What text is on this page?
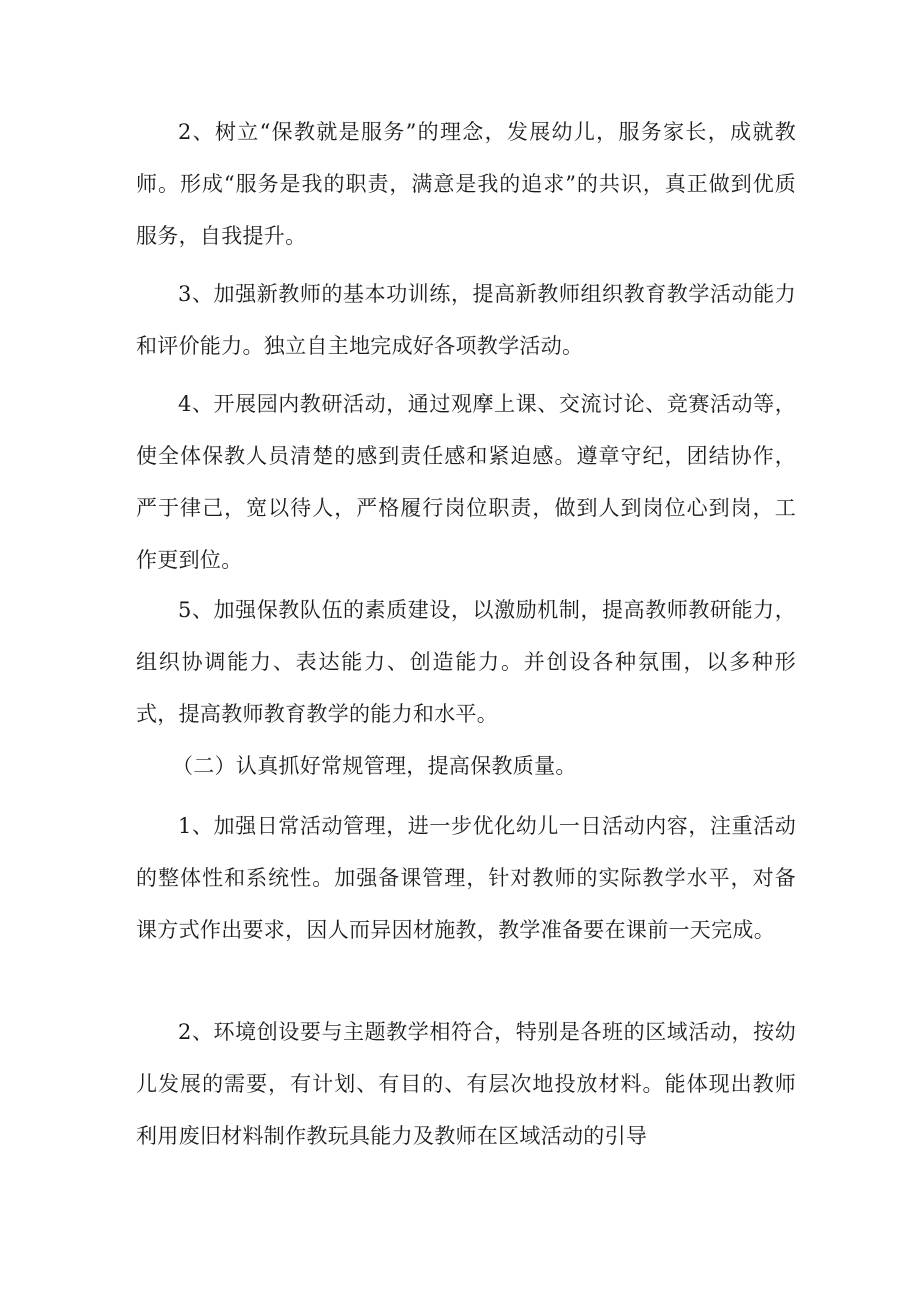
2、树立“保教就是服务”的理念，发展幼儿，服务家长，成就教师。形成“服务是我的职责，满意是我的追求”的共识，真正做到优质服务，自我提升。

3、加强新教师的基本功训练，提高新教师组织教育教学活动能力和评价能力。独立自主地完成好各项教学活动。

4、开展园内教研活动，通过观摩上课、交流讨论、竞赛活动等，使全体保教人员清楚的感到责任感和紧迫感。遵章守纪，团结协作，严于律己，宽以待人，严格履行岗位职责，做到人到岗位心到岗，工作更到位。

5、加强保教队伍的素质建设，以激励机制，提高教师教研能力，组织协调能力、表达能力、创造能力。并创设各种氛围，以多种形式，提高教师教育教学的能力和水平。

（二）认真抓好常规管理，提高保教质量。

1、加强日常活动管理，进一步优化幼儿一日活动内容，注重活动的整体性和系统性。加强备课管理，针对教师的实际教学水平，对备课方式作出要求，因人而异因材施教，教学准备要在课前一天完成。

2、环境创设要与主题教学相符合，特别是各班的区域活动，按幼儿发展的需要，有计划、有目的、有层次地投放材料。能体现出教师利用废旧材料制作教玩具能力及教师在区域活动的引导
